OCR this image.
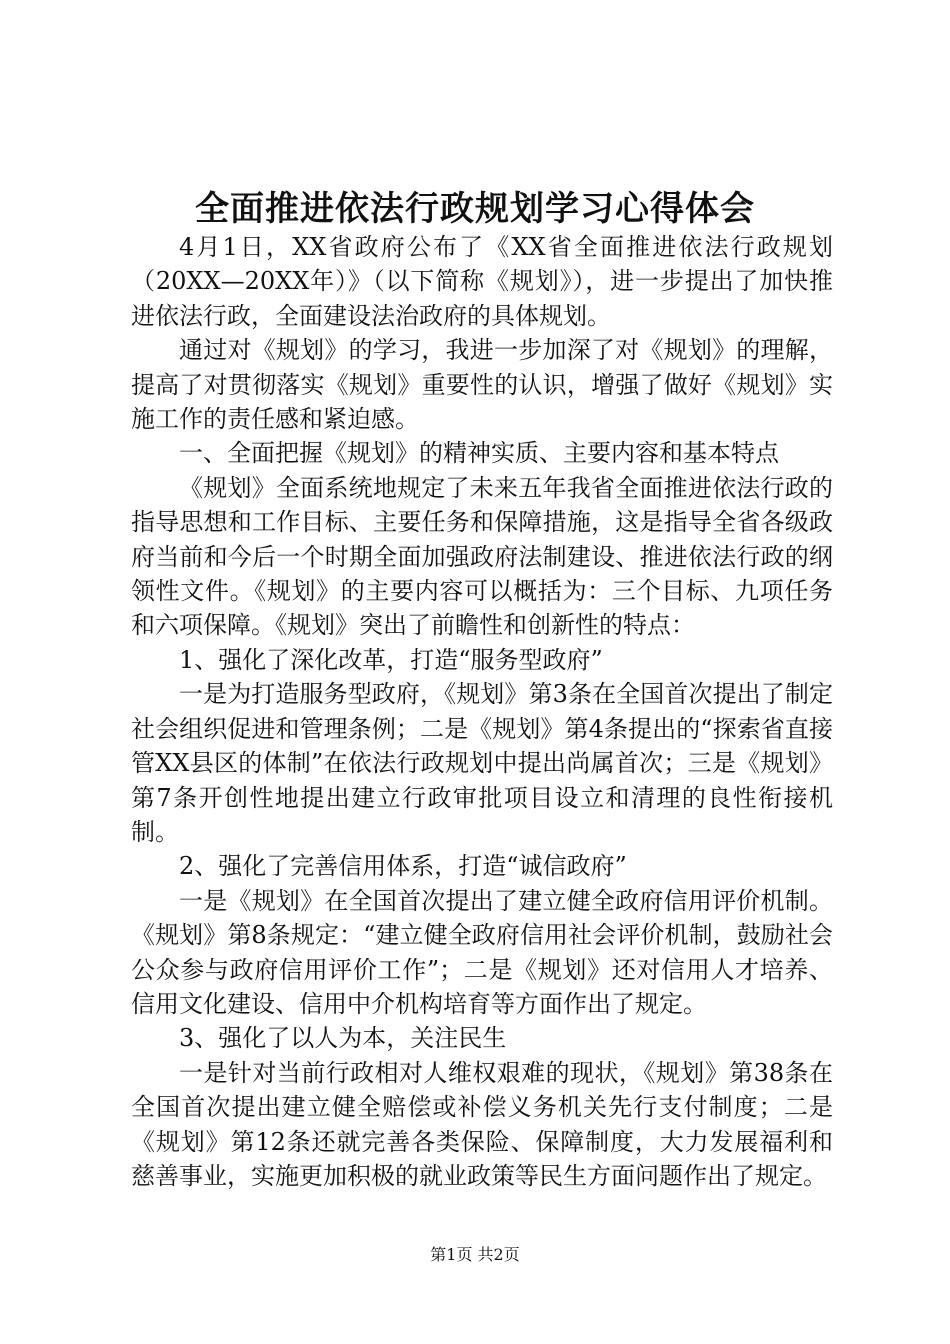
全面推进依法行政规划学习心得体会

4月1日，XX省政府公布了《XX省全面推进依法行政规划（20XX—20XX年）》（以下简称《规划》），进一步提出了加快推进依法行政，全面建设法治政府的具体规划。

通过对《规划》的学习，我进一步加深了对《规划》的理解，提高了对贯彻落实《规划》重要性的认识，增强了做好《规划》实施工作的责任感和紧迫感。

一、全面把握《规划》的精神实质、主要内容和基本特点

《规划》全面系统地规定了未来五年我省全面推进依法行政的指导思想和工作目标、主要任务和保障措施，这是指导全省各级政府当前和今后一个时期全面加强政府法制建设、推进依法行政的纲领性文件。《规划》的主要内容可以概括为：三个目标、九项任务和六项保障。《规划》突出了前瞻性和创新性的特点：

1、强化了深化改革，打造“服务型政府”

一是为打造服务型政府，《规划》第3条在全国首次提出了制定社会组织促进和管理条例；二是《规划》第4条提出的“探索省直接管XX县区的体制”在依法行政规划中提出尚属首次；三是《规划》第7条开创性地提出建立行政审批项目设立和清理的良性衔接机制。

2、强化了完善信用体系，打造“诚信政府”

一是《规划》在全国首次提出了建立健全政府信用评价机制。《规划》第8条规定：“建立健全政府信用社会评价机制，鼓励社会公众参与政府信用评价工作”；二是《规划》还对信用人才培养、信用文化建设、信用中介机构培育等方面作出了规定。

3、强化了以人为本，关注民生

一是针对当前行政相对人维权艰难的现状，《规划》第38条在全国首次提出建立健全赔偿或补偿义务机关先行支付制度；二是《规划》第12条还就完善各类保险、保障制度，大力发展福利和慈善事业，实施更加积极的就业政策等民生方面问题作出了规定。

第1页 共2页
